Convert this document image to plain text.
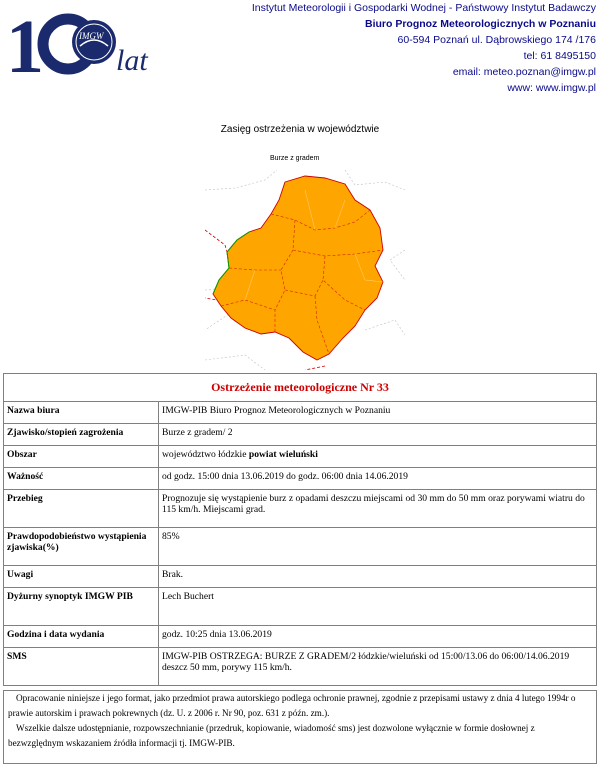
1	IMGW
lat
Instytut Meteorologii i Gospodarki Wodnej - Państwowy Instytut Badawczy
Biuro Prognoz Meteorologicznych w Poznaniu
60-594 Poznań ul. Dąbrowskiego 174 /176
tel: 61 8495150
email: meteo.poznan@imgw.pl
www: www.imgw.pl
Zasięg ostrzeżenia w województwie
Burze z gradem
Ostrzeżenie meteorologiczne Nr 33	
Nazwa biura	IMGW-PIB Biuro Prognoz Meteorologicznych w Poznaniu
Zjawisko/stopień zagrożenia	Burze z gradem/ 2
Obszar	województwo łódzkie powiat wieluński
Ważność	od godz. 15:00 dnia 13.06.2019 do godz. 06:00 dnia 14.06.2019
Przebieg	Prognozuje się wystąpienie burz z opadami deszczu miejscami od 30 mm do 50 mm oraz porywami wiatru do 115 km/h. Miejscami grad.
Prawdopodobieństwo wystąpienia zjawiska(%)	85%
Uwagi	Brak.
Dyżurny synoptyk IMGW PIB	Lech Buchert
Godzina i data wydania	godz. 10:25 dnia 13.06.2019
SMS	IMGW-PIB OSTRZEGA: BURZE Z GRADEM/2 łódzkie/wieluński od 15:00/13.06 do 06:00/14.06.2019 deszcz 50 mm, porywy 115 km/h.

Opracowanie niniejsze i jego format, jako przedmiot prawa autorskiego podlega ochronie prawnej, zgodnie z przepisami ustawy z dnia 4 lutego 1994r o prawie autorskim i prawach pokrewnych (dz. U. z 2006 r. Nr 90, poz. 631 z późn. zm.).

Wszelkie dalsze udostępnianie, rozpowszechnianie (przedruk, kopiowanie, wiadomość sms) jest dozwolone wyłącznie w formie dosłownej z bezwzględnym wskazaniem źródła informacji tj. IMGW-PIB.
